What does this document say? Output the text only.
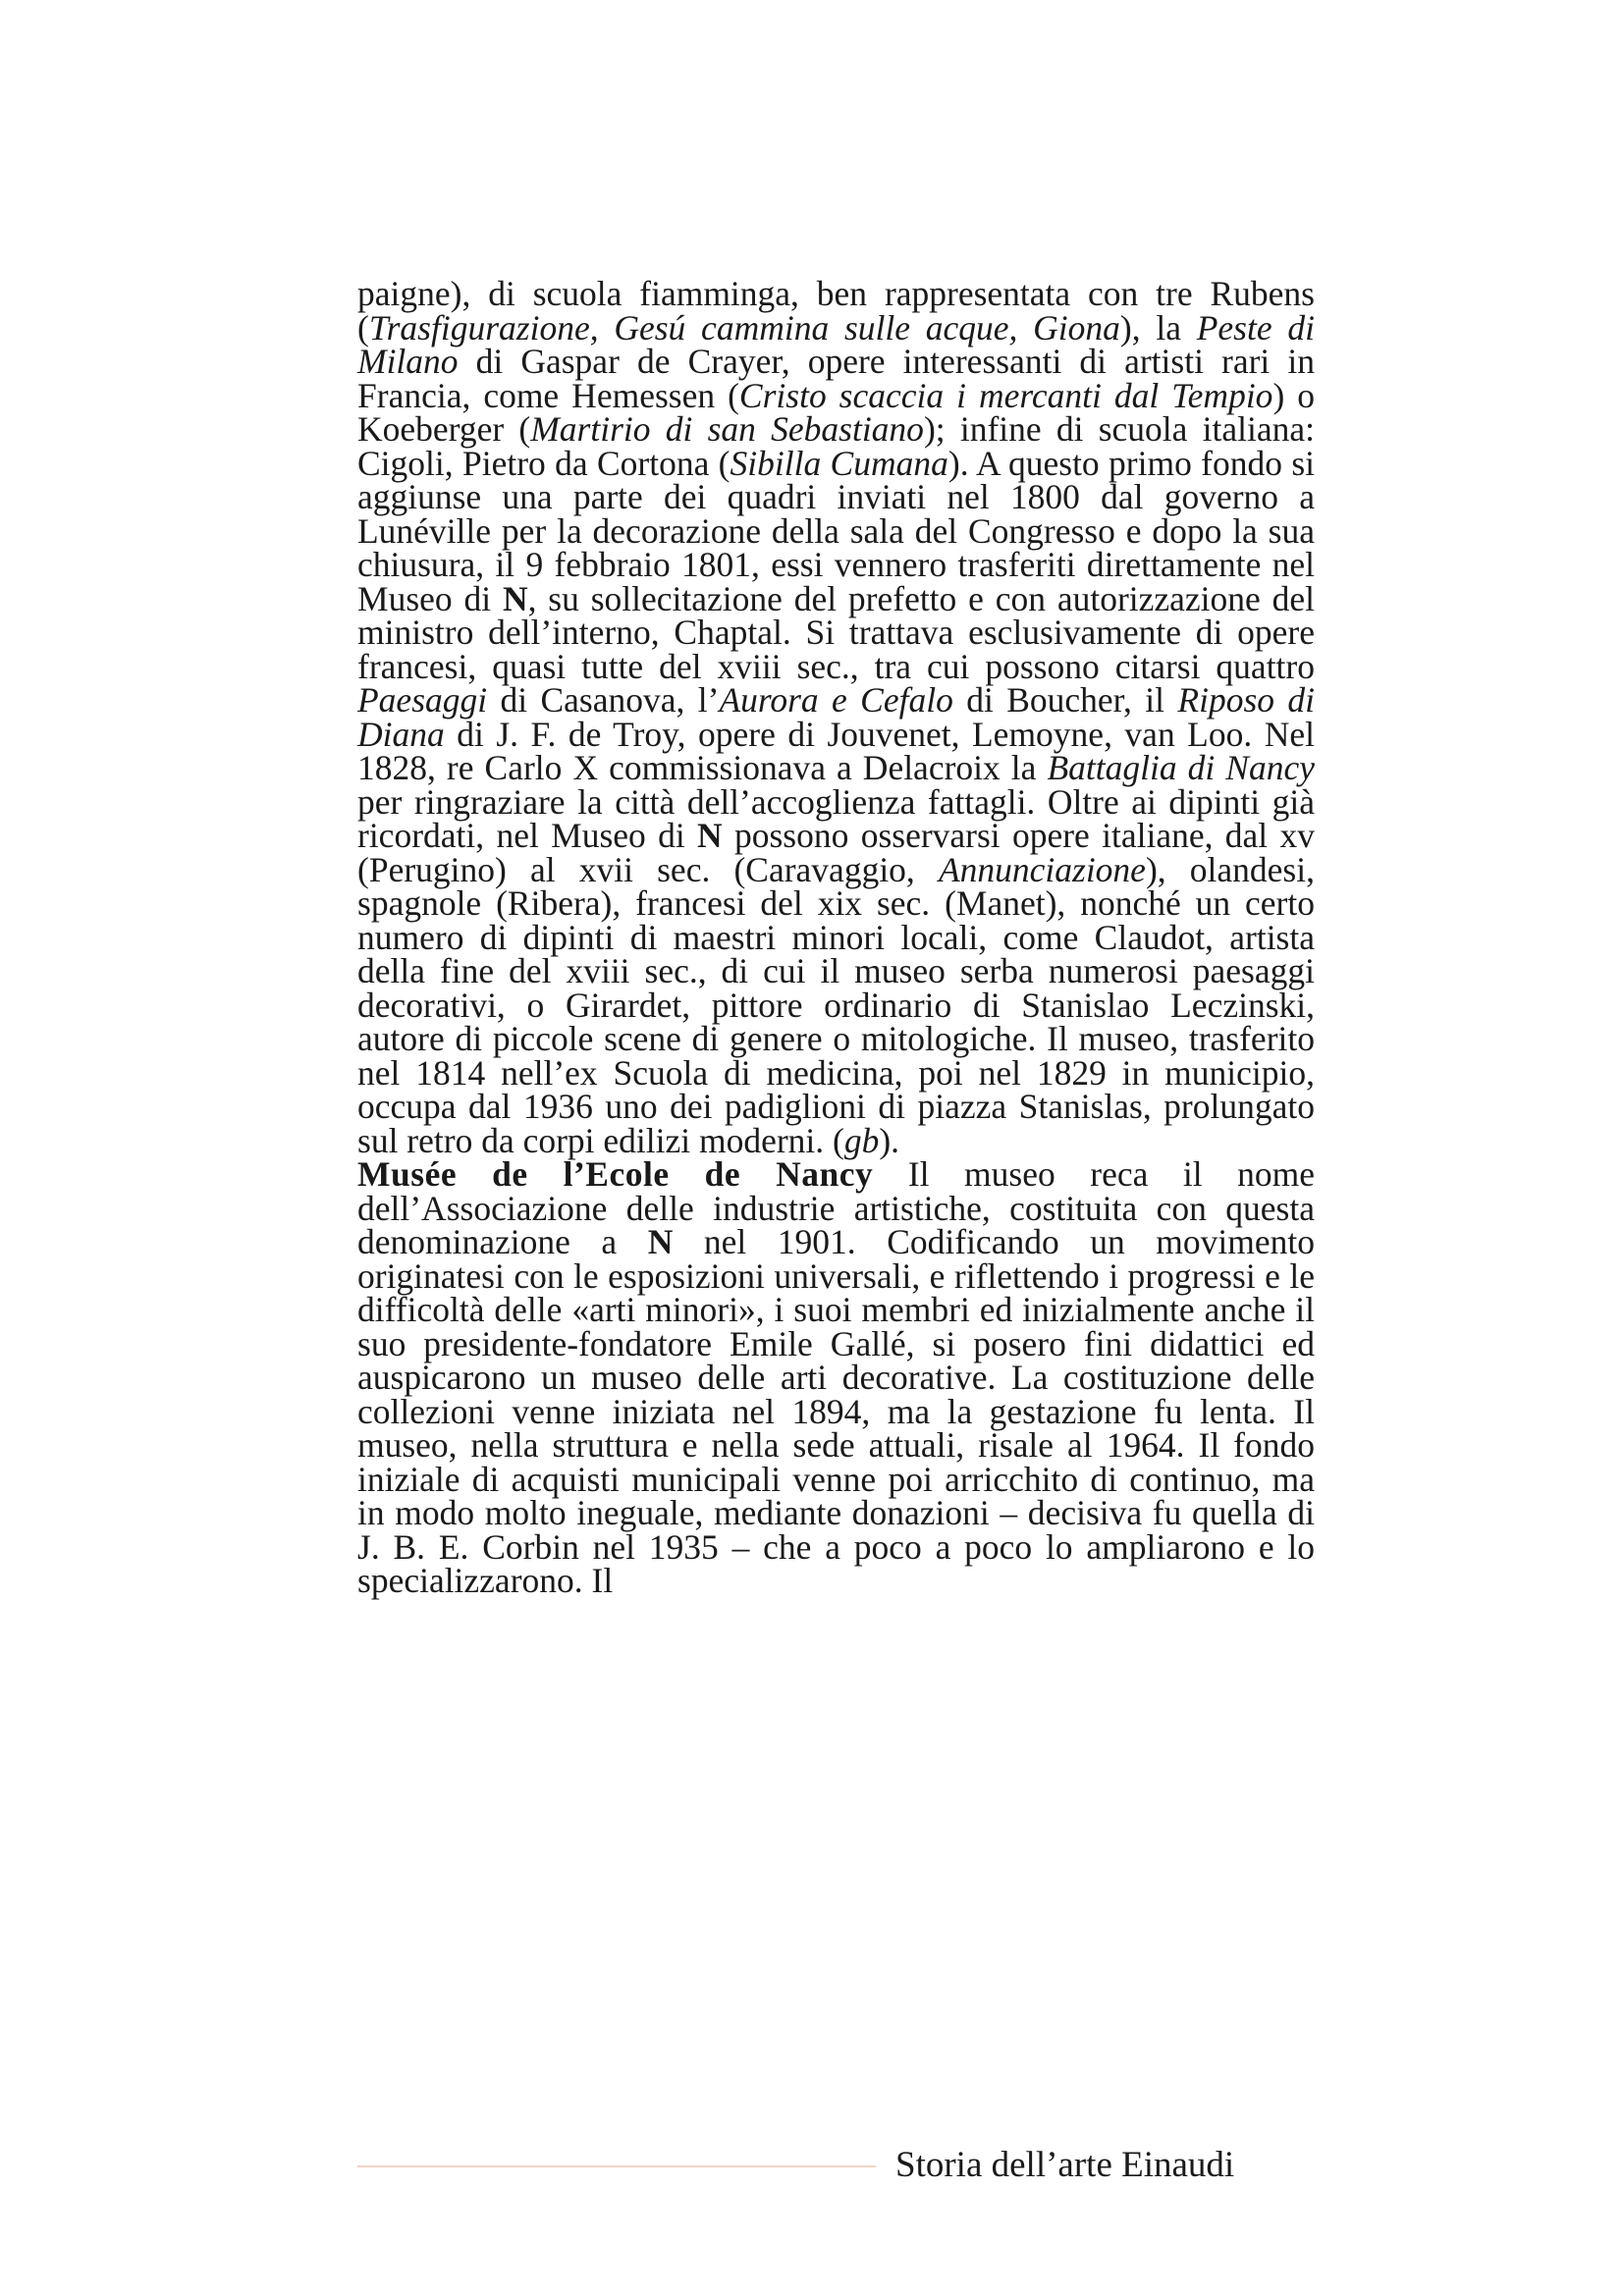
paigne), di scuola fiamminga, ben rappresentata con tre Rubens (Trasfigurazione, Gesú cammina sulle acque, Giona), la Peste di Milano di Gaspar de Crayer, opere interessanti di artisti rari in Francia, come Hemessen (Cristo scaccia i mercanti dal Tempio) o Koeberger (Martirio di san Sebastiano); infine di scuola italiana: Cigoli, Pietro da Cortona (Sibilla Cumana). A questo primo fondo si aggiunse una parte dei quadri inviati nel 1800 dal governo a Lunéville per la decorazione della sala del Congresso e dopo la sua chiusura, il 9 febbraio 1801, essi vennero trasferiti direttamente nel Museo di N, su sollecitazione del prefetto e con autorizzazione del ministro dell’interno, Chaptal. Si trattava esclusivamente di opere francesi, quasi tutte del xviii sec., tra cui possono citarsi quattro Paesaggi di Casanova, l’Aurora e Cefalo di Boucher, il Riposo di Diana di J. F. de Troy, opere di Jouvenet, Lemoyne, van Loo. Nel 1828, re Carlo X commissionava a Delacroix la Battaglia di Nancy per ringraziare la città dell’accoglienza fattagli. Oltre ai dipinti già ricordati, nel Museo di N possono osservarsi opere italiane, dal xv (Perugino) al xvii sec. (Caravaggio, Annunciazione), olandesi, spagnole (Ribera), francesi del xix sec. (Manet), nonché un certo numero di dipinti di maestri minori locali, come Claudot, artista della fine del xviii sec., di cui il museo serba numerosi paesaggi decorativi, o Girardet, pittore ordinario di Stanislao Leczinski, autore di piccole scene di genere o mitologiche. Il museo, trasferito nel 1814 nell’ex Scuola di medicina, poi nel 1829 in municipio, occupa dal 1936 uno dei padiglioni di piazza Stanislas, prolungato sul retro da corpi edilizi moderni. (gb).

Musée de l’Ecole de Nancy Il museo reca il nome dell’Associazione delle industrie artistiche, costituita con questa denominazione a N nel 1901. Codificando un movimento originatesi con le esposizioni universali, e riflettendo i progressi e le difficoltà delle «arti minori», i suoi membri ed inizialmente anche il suo presidente-fondatore Emile Gallé, si posero fini didattici ed auspicarono un museo delle arti decorative. La costituzione delle collezioni venne iniziata nel 1894, ma la gestazione fu lenta. Il museo, nella struttura e nella sede attuali, risale al 1964. Il fondo iniziale di acquisti municipali venne poi arricchito di continuo, ma in modo molto ineguale, mediante donazioni – decisiva fu quella di J. B. E. Corbin nel 1935 – che a poco a poco lo ampliarono e lo specializzarono. Il

Storia dell’arte Einaudi
